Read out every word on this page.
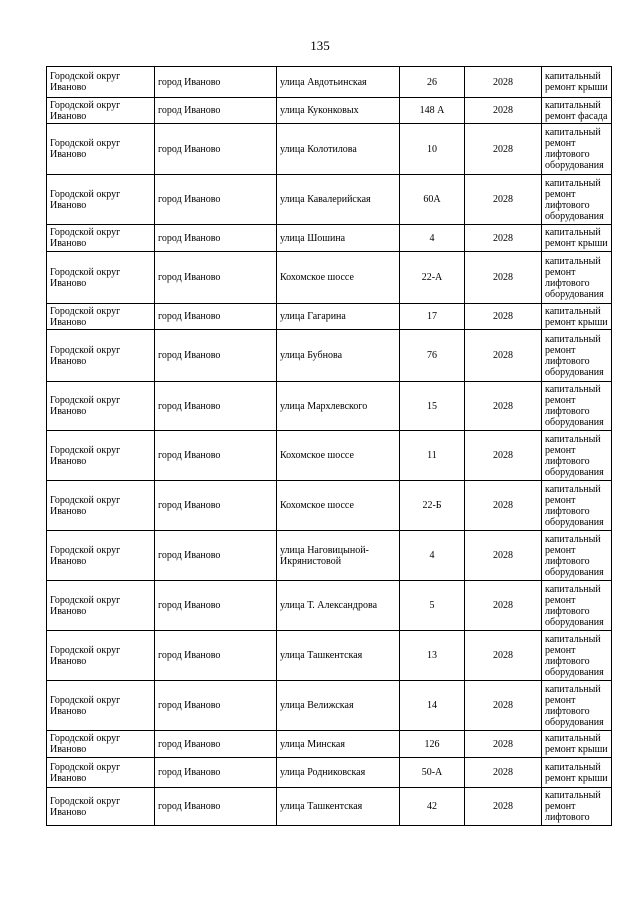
135
Городской округ Иваново	город Иваново	улица Авдотьинская	26	2028	капитальный ремонт крыши
Городской округ Иваново	город Иваново	улица Куконковых	148 А	2028	капитальный ремонт фасада
Городской округ Иваново	город Иваново	улица Колотилова	10	2028	капитальный ремонт лифтового оборудования
Городской округ Иваново	город Иваново	улица Кавалерийская	60А	2028	капитальный ремонт лифтового оборудования
Городской округ Иваново	город Иваново	улица Шошина	4	2028	капитальный ремонт крыши
Городской округ Иваново	город Иваново	Кохомское шоссе	22-А	2028	капитальный ремонт лифтового оборудования
Городской округ Иваново	город Иваново	улица Гагарина	17	2028	капитальный ремонт крыши
Городской округ Иваново	город Иваново	улица Бубнова	76	2028	капитальный ремонт лифтового оборудования
Городской округ Иваново	город Иваново	улица Мархлевского	15	2028	капитальный ремонт лифтового оборудования
Городской округ Иваново	город Иваново	Кохомское шоссе	11	2028	капитальный ремонт лифтового оборудования
Городской округ Иваново	город Иваново	Кохомское шоссе	22-Б	2028	капитальный ремонт лифтового оборудования
Городской округ Иваново	город Иваново	улица Наговицыной-Икрянистовой	4	2028	капитальный ремонт лифтового оборудования
Городской округ Иваново	город Иваново	улица Т. Александрова	5	2028	капитальный ремонт лифтового оборудования
Городской округ Иваново	город Иваново	улица Ташкентская	13	2028	капитальный ремонт лифтового оборудования
Городской округ Иваново	город Иваново	улица Велижская	14	2028	капитальный ремонт лифтового оборудования
Городской округ Иваново	город Иваново	улица Минская	126	2028	капитальный ремонт крыши
Городской округ Иваново	город Иваново	улица Родниковская	50-А	2028	капитальный ремонт крыши
Городской округ Иваново	город Иваново	улица Ташкентская	42	2028	капитальный ремонт лифтового
